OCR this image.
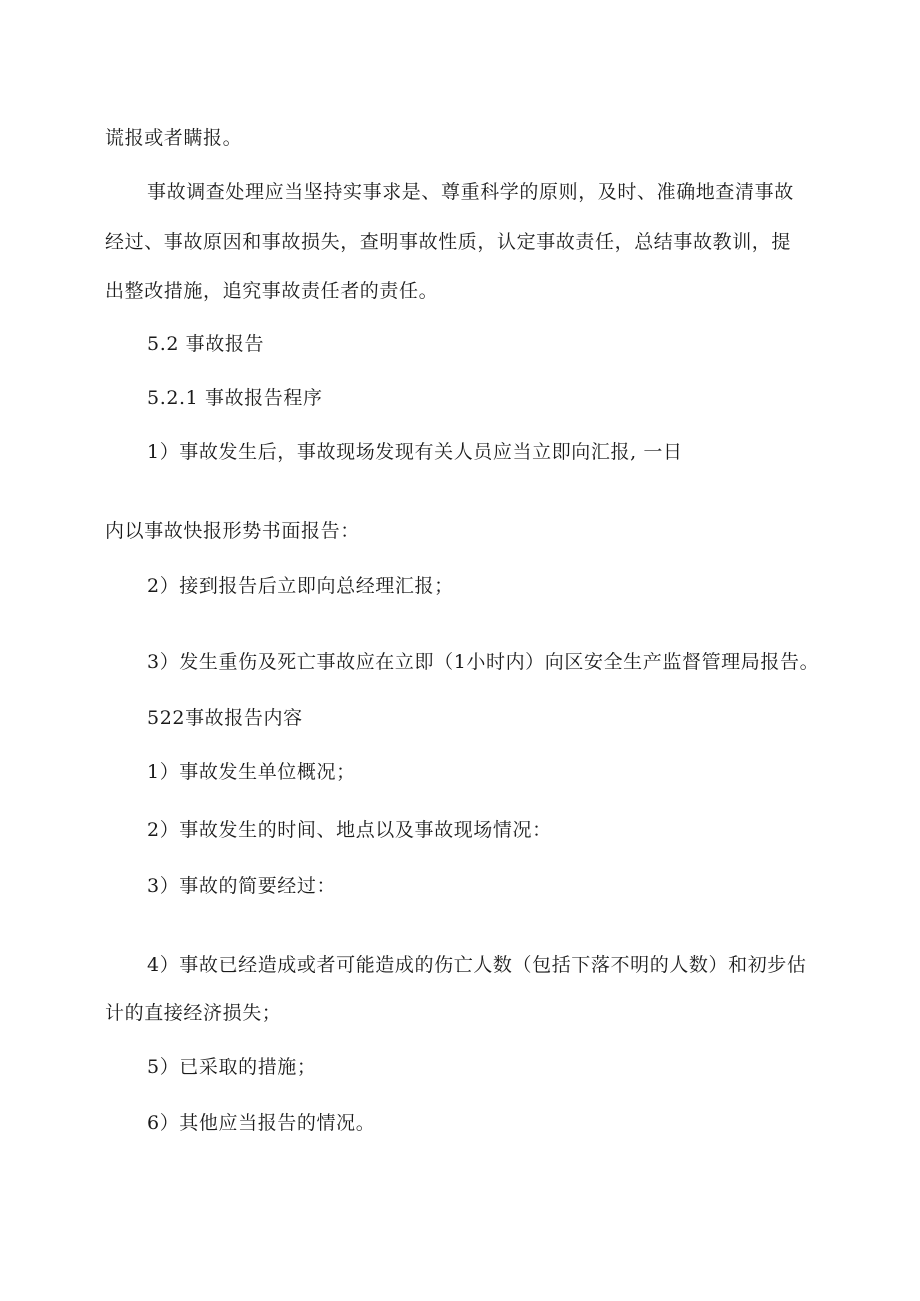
谎报或者瞒报。
事故调查处理应当坚持实事求是、尊重科学的原则，及时、准确地查清事故
经过、事故原因和事故损失，查明事故性质，认定事故责任，总结事故教训，提
出整改措施，追究事故责任者的责任。
5.2 事故报告
5.2.1 事故报告程序
1）事故发生后，事故现场发现有关人员应当立即向汇报, 一日
内以事故快报形势书面报告：
2）接到报告后立即向总经理汇报；
3）发生重伤及死亡事故应在立即（1小时内）向区安全生产监督管理局报告。
522事故报告内容
1）事故发生单位概况；
2）事故发生的时间、地点以及事故现场情况：
3）事故的简要经过：
4）事故已经造成或者可能造成的伤亡人数（包括下落不明的人数）和初步估
计的直接经济损失；
5）已采取的措施；
6）其他应当报告的情况。
